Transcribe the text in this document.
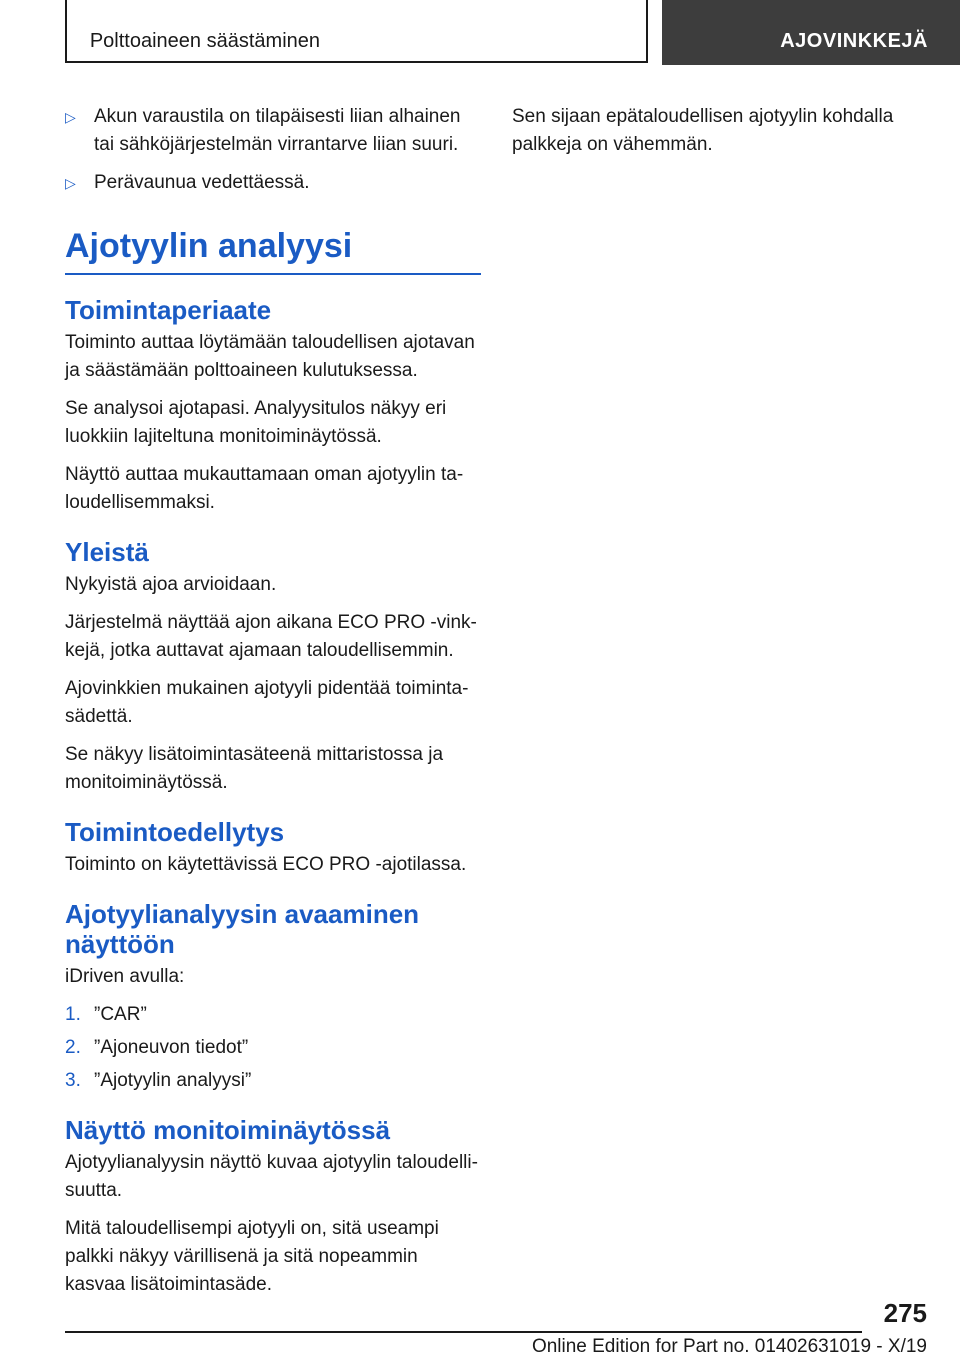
Polttoaineen säästäminen	AJOVINKKEJÄ
▷ Akun varaustila on tilapäisesti liian alhainen tai sähköjärjestelmän virrantarve liian suuri.
▷ Perävaunua vedettäessä.
Ajotyylin analyysi
Toimintaperiaate

Toiminto auttaa löytämään taloudellisen ajotavan ja säästämään polttoaineen kulutuksessa.

Se analysoi ajotapasi. Analyysitulos näkyy eri luokkiin lajiteltuna monitoiminäytössä.

Näyttö auttaa mukauttamaan oman ajotyylin taloudellisemmaksi.

Yleistä

Nykyistä ajoa arvioidaan.

Järjestelmä näyttää ajon aikana ECO PRO ‐vinkkejä, jotka auttavat ajamaan taloudellisemmin.

Ajovinkkien mukainen ajotyyli pidentää toimintasädettä.

Se näkyy lisätoimintasäteenä mittaristossa ja monitoiminäytössä.

Toimintoedellytys

Toiminto on käytettävissä ECO PRO ‐ajotilassa.

Ajotyylianalyysin avaaminen näyttöön

iDriven avulla:

1. ”CAR”
2. ”Ajoneuvon tiedot”
3. ”Ajotyylin analyysi”
Näyttö monitoiminäytössä

Ajotyylianalyysin näyttö kuvaa ajotyylin taloudellisuutta.

Mitä taloudellisempi ajotyyli on, sitä useampi palkki näkyy värillisenä ja sitä nopeammin kasvaa lisätoimintasäde.

Sen sijaan epätaloudellisen ajotyylin kohdalla palkkeja on vähemmän.

275
Online Edition for Part no. 01402631019 - X/19
